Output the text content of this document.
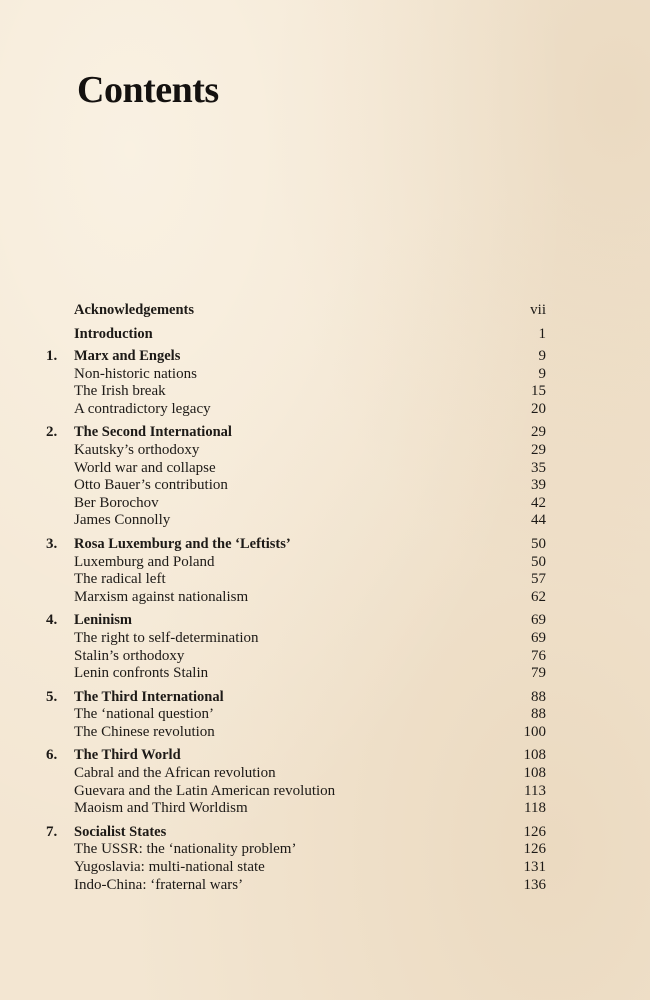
Contents
Acknowledgements	vii
Introduction	1
1. Marx and Engels	9
Non-historic nations	9
The Irish break	15
A contradictory legacy	20
2. The Second International	29
Kautsky’s orthodoxy	29
World war and collapse	35
Otto Bauer’s contribution	39
Ber Borochov	42
James Connolly	44
3. Rosa Luxemburg and the ‘Leftists’	50
Luxemburg and Poland	50
The radical left	57
Marxism against nationalism	62
4. Leninism	69
The right to self-determination	69
Stalin’s orthodoxy	76
Lenin confronts Stalin	79
5. The Third International	88
The ‘national question’	88
The Chinese revolution	100
6. The Third World	108
Cabral and the African revolution	108
Guevara and the Latin American revolution	113
Maoism and Third Worldism	118
7. Socialist States	126
The USSR: the ‘nationality problem’	126
Yugoslavia: multi-national state	131
Indo-China: ‘fraternal wars’	136
